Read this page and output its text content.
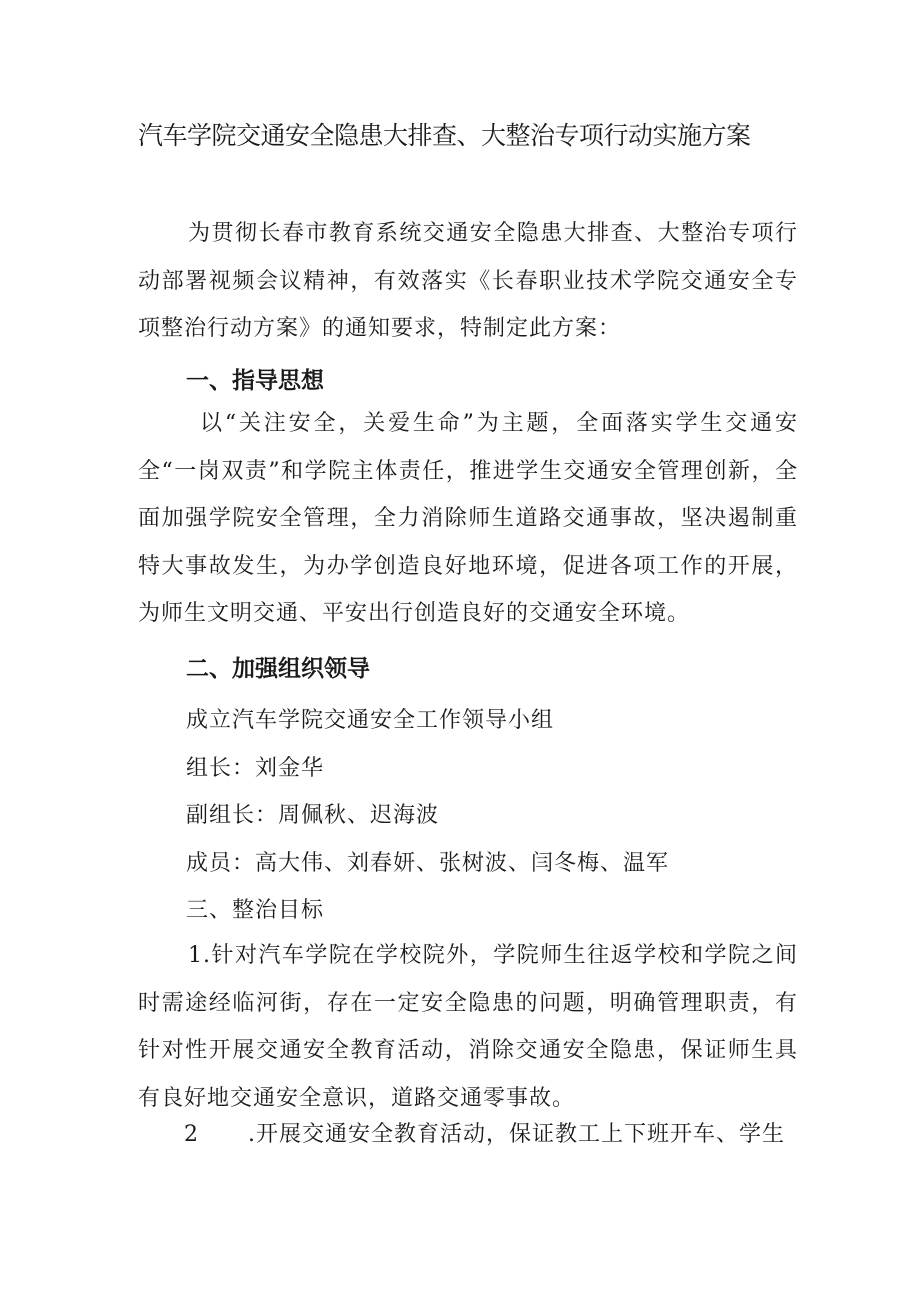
汽车学院交通安全隐患大排查、大整治专项行动实施方案

为贯彻长春市教育系统交通安全隐患大排查、大整治专项行动部署视频会议精神，有效落实《长春职业技术学院交通安全专项整治行动方案》的通知要求，特制定此方案：

一、指导思想

以“关注安全，关爱生命”为主题，全面落实学生交通安全“一岗双责”和学院主体责任，推进学生交通安全管理创新，全面加强学院安全管理，全力消除师生道路交通事故，坚决遏制重特大事故发生，为办学创造良好地环境，促进各项工作的开展，为师生文明交通、平安出行创造良好的交通安全环境。

二、加强组织领导

成立汽车学院交通安全工作领导小组

组长：刘金华

副组长：周佩秋、迟海波

成员：高大伟、刘春妍、张树波、闫冬梅、温军

三、整治目标

1.针对汽车学院在学校院外，学院师生往返学校和学院之间时需途经临河街，存在一定安全隐患的问题，明确管理职责，有针对性开展交通安全教育活动，消除交通安全隐患，保证师生具有良好地交通安全意识，道路交通零事故。

2 .开展交通安全教育活动，保证教工上下班开车、学生
